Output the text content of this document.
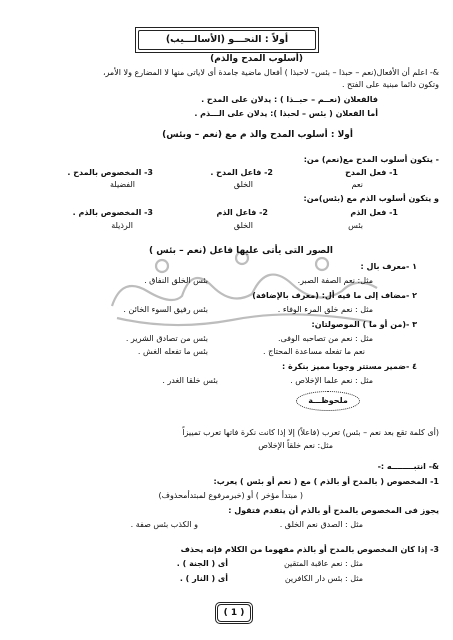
أولاً : النحـــو (الأسالـــيب)
(أسلوب المدح والذم)
&- اعلم أن الأفعال(نعم – حبذا – بئس– لاحبذا ) أفعال ماضية جامدة أى لاياتى منها لا المضارع ولا الأمر،
وتكون دائما مبنية على الفتح .
فالفعلان (نعــم – حبــذا ) : يدلان على المدح .
أما الفعلان ( بئس – لحبذا ): يدلان على الـــذم .
أولا : أسلوب المدح والذ م مع (نعم – وبئس)
- يتكون أسلوب المدح مع(نعم) من:
1- فعل المدح
2- فاعل المدح .
3- المخصوص بالمدح .
نعم
الخلق
الفضيلة
و يتكون أسلوب الذم مع (بئس)من:
1- فعل الذم
2- فاعل الذم
3- المخصوص بالذم .
بئس
الخلق
الرذيلة
الصور التى يأتى عليها فاعل (نعم – بئس )
١ -معرف بال :
مثل: نعم الصفة الصبر.
بئس الخلق النفاق .
٢ -مضاف إلى ما فيه أل: (معرف بالإضافة)
مثل : نعم خلق المرء الوفاء .
بئس رفيق السوء الخائن .
٣ -(من أو ما ) الموصولتان:
مثل : نعم من تصاحبه الوفى.
بئس من تصادق الشرير .
نعم ما تفعله مساعدة المحتاج .
بئس ما تفعله الغش .
٤ -ضمير مستتر وجوبا مميز بنكرة :
مثل : نعم علما الإخلاص .
بئس خلقا الغدر .
ملحوظـــة
(أى كلمة تقع بعد نعم – بئس) تعرب (فاعلاً) إلا إذا كانت نكرة فاتها تعرب تمييزاً
مثل: نعم خلقاً الإخلاص
&- انتبــــــــه :-
1- المخصوص ( بالمدح أو بالذم ) مع ( نعم أو بئس ) يعرب:
( مبتدأ مؤخر ) أو (خبرمرفوع لمبتدأمحذوف)
يجوز فى المخصوص بالمدح أو بالذم أن يتقدم فتقول :
مثل : الصدق نعم الخلق .
و الكذب بئس صفة .
3- إذا كان المخصوص بالمدح أو بالذم مفهوما من الكلام فإنه يحذف
مثل : نعم عاقبة المتقين
أى ( الجنة ) .
مثل : بئس دار الكافرين
أى ( النار ) .
( 1 )
